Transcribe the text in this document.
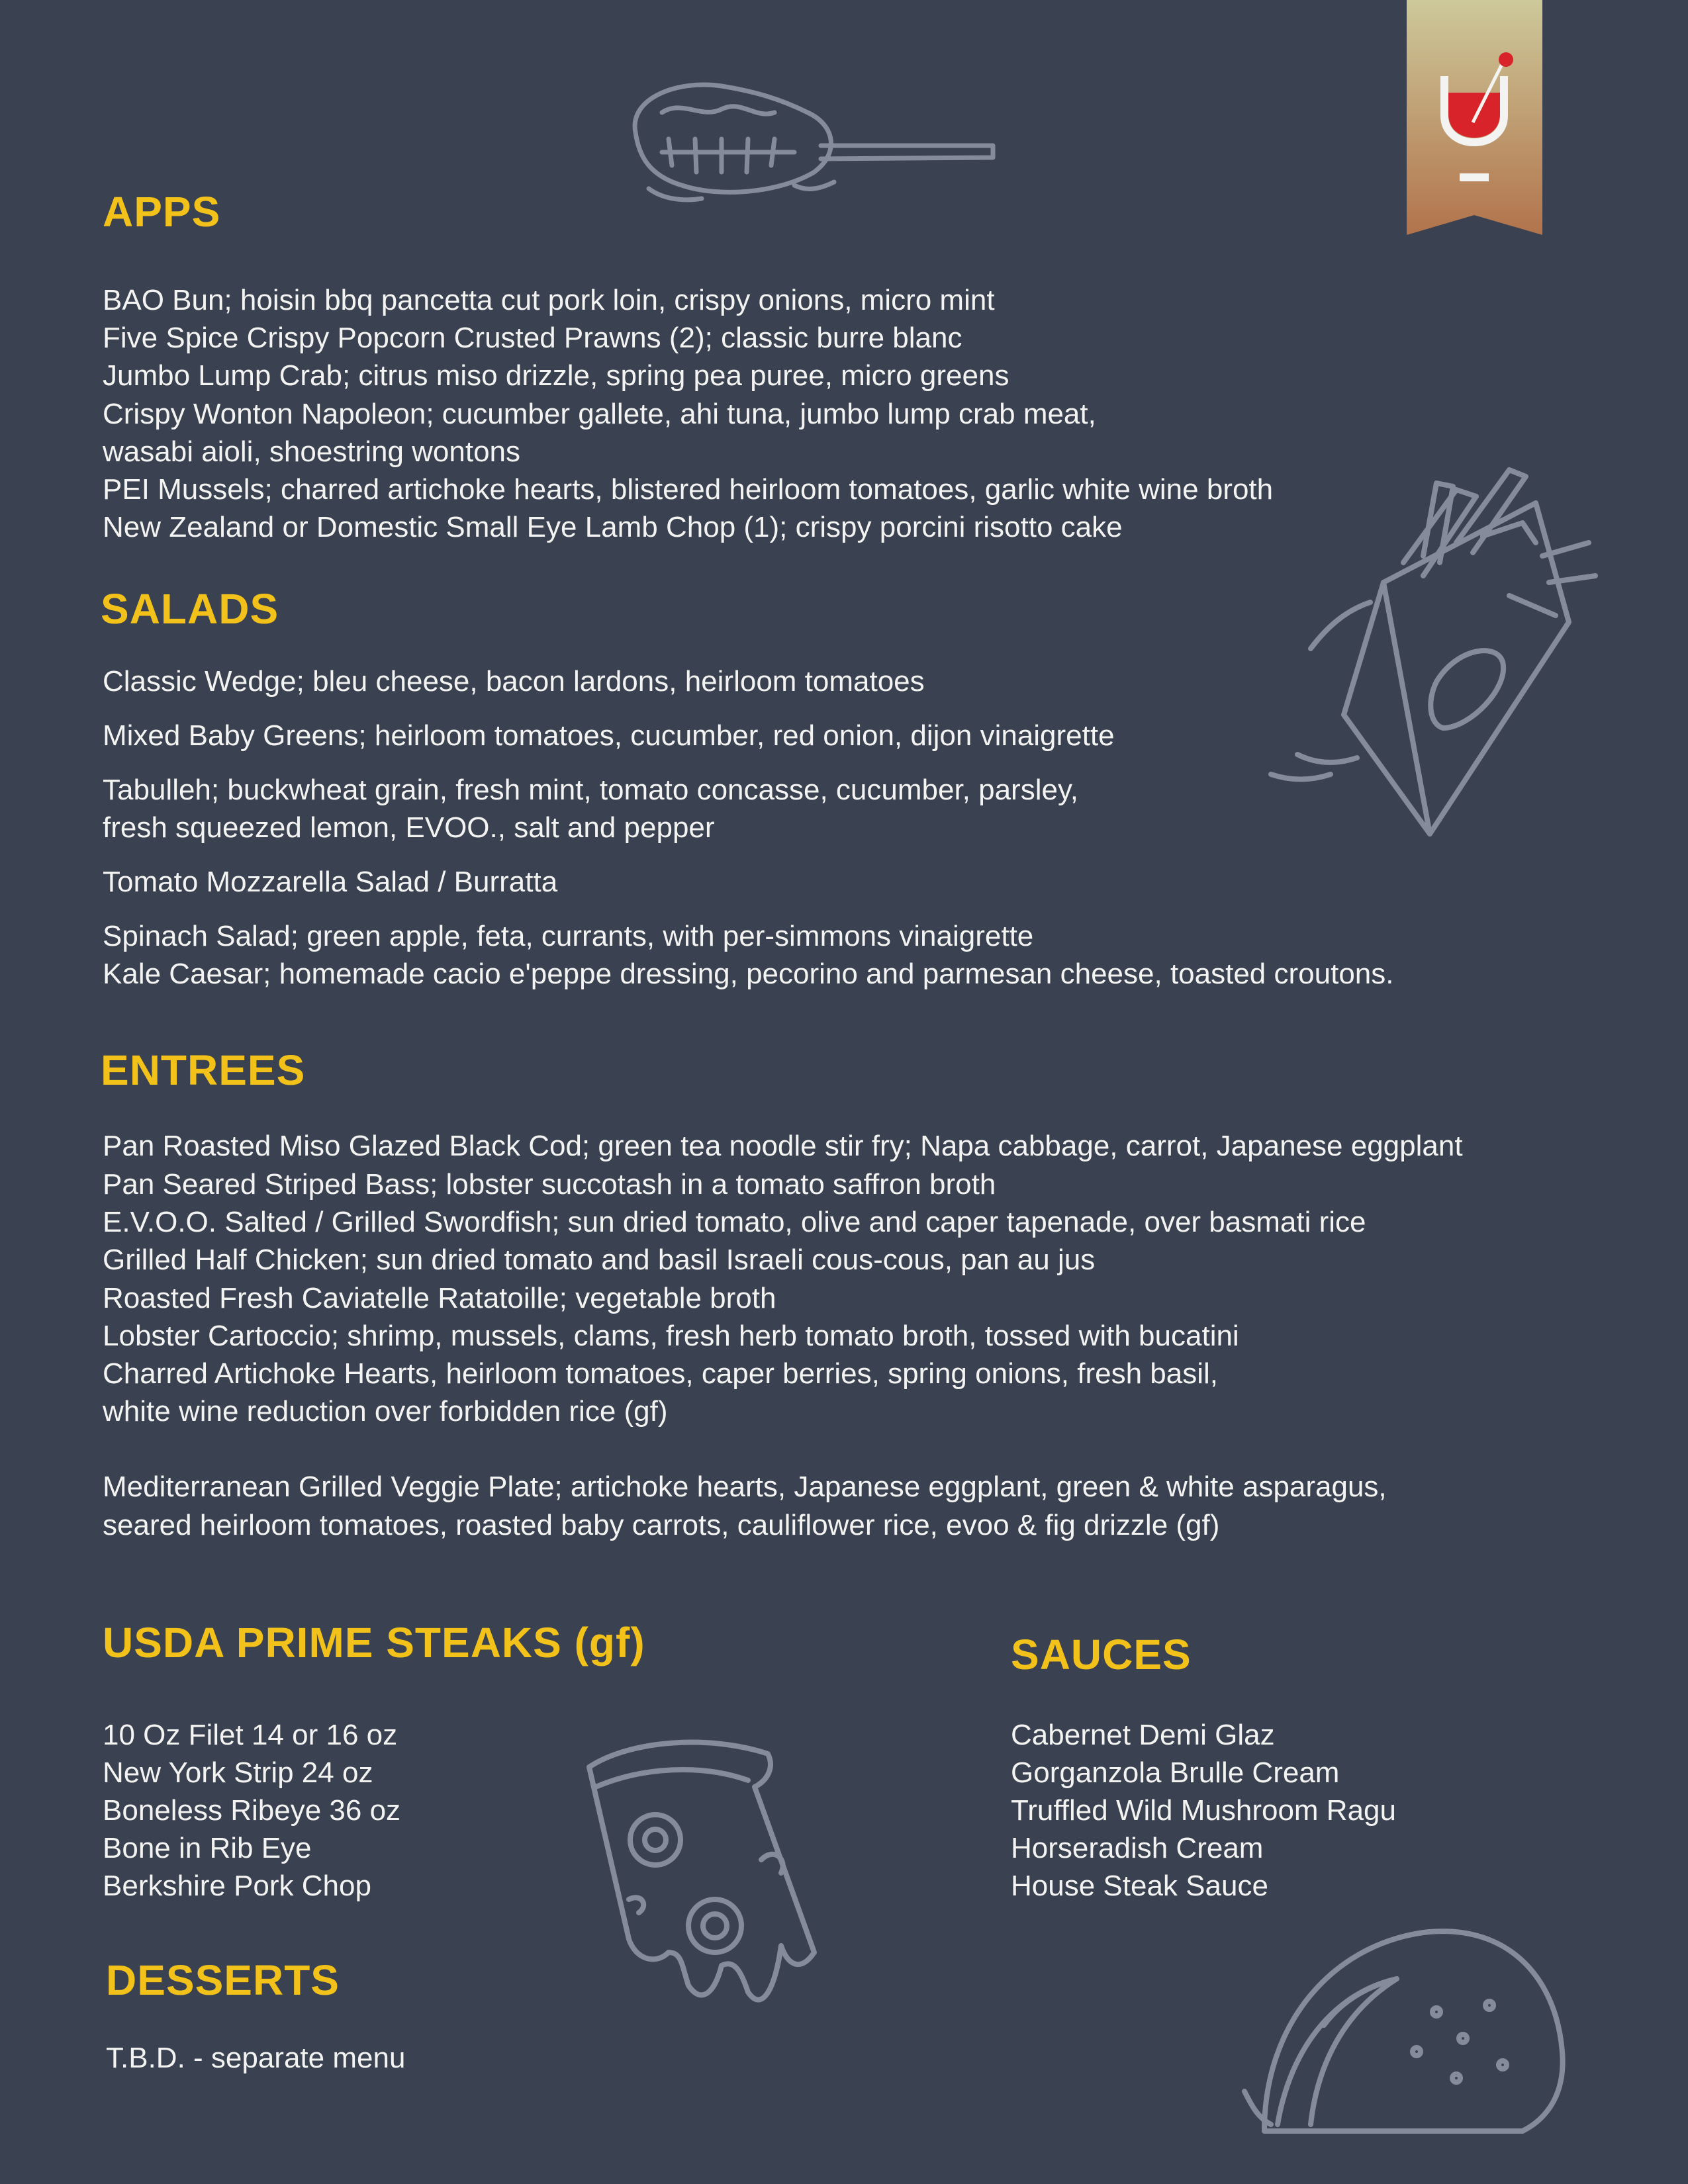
APPS

BAO Bun; hoisin bbq pancetta cut pork loin, crispy onions, micro mint

Five Spice Crispy Popcorn Crusted Prawns (2); classic burre blanc

Jumbo Lump Crab; citrus miso drizzle, spring pea puree, micro greens

Crispy Wonton Napoleon; cucumber gallete, ahi tuna, jumbo lump crab meat,

wasabi aioli, shoestring wontons

PEI Mussels; charred artichoke hearts, blistered heirloom tomatoes, garlic white wine broth

New Zealand or Domestic Small Eye Lamb Chop (1); crispy porcini risotto cake

SALADS

Classic Wedge; bleu cheese, bacon lardons, heirloom tomatoes

Mixed Baby Greens; heirloom tomatoes, cucumber, red onion, dijon vinaigrette

Tabulleh; buckwheat grain, fresh mint, tomato concasse, cucumber, parsley,

fresh squeezed lemon, EVOO., salt and pepper

Tomato Mozzarella Salad / Burratta

Spinach Salad; green apple, feta, currants, with per-simmons vinaigrette

Kale Caesar; homemade cacio e'peppe dressing, pecorino and parmesan cheese, toasted croutons.

ENTREES

Pan Roasted Miso Glazed Black Cod; green tea noodle stir fry; Napa cabbage, carrot, Japanese eggplant

Pan Seared Striped Bass; lobster succotash in a tomato saffron broth

E.V.O.O. Salted / Grilled Swordfish; sun dried tomato, olive and caper tapenade, over basmati rice

Grilled Half Chicken; sun dried tomato and basil Israeli cous-cous, pan au jus

Roasted Fresh Caviatelle Ratatoille; vegetable broth

Lobster Cartoccio; shrimp, mussels, clams, fresh herb tomato broth, tossed with bucatini

Charred Artichoke Hearts, heirloom tomatoes, caper berries, spring onions, fresh basil,

white wine reduction over forbidden rice (gf)

Mediterranean Grilled Veggie Plate; artichoke hearts, Japanese eggplant, green & white asparagus,

seared heirloom tomatoes, roasted baby carrots, cauliflower rice, evoo & fig drizzle (gf)

USDA PRIME STEAKS (gf)

10 Oz Filet 14 or 16 oz

New York Strip 24 oz

Boneless Ribeye 36 oz

Bone in Rib Eye

Berkshire Pork Chop

SAUCES

Cabernet Demi Glaz

Gorganzola Brulle Cream

Truffled Wild Mushroom Ragu

Horseradish Cream

House Steak Sauce

DESSERTS

T.B.D. - separate menu
